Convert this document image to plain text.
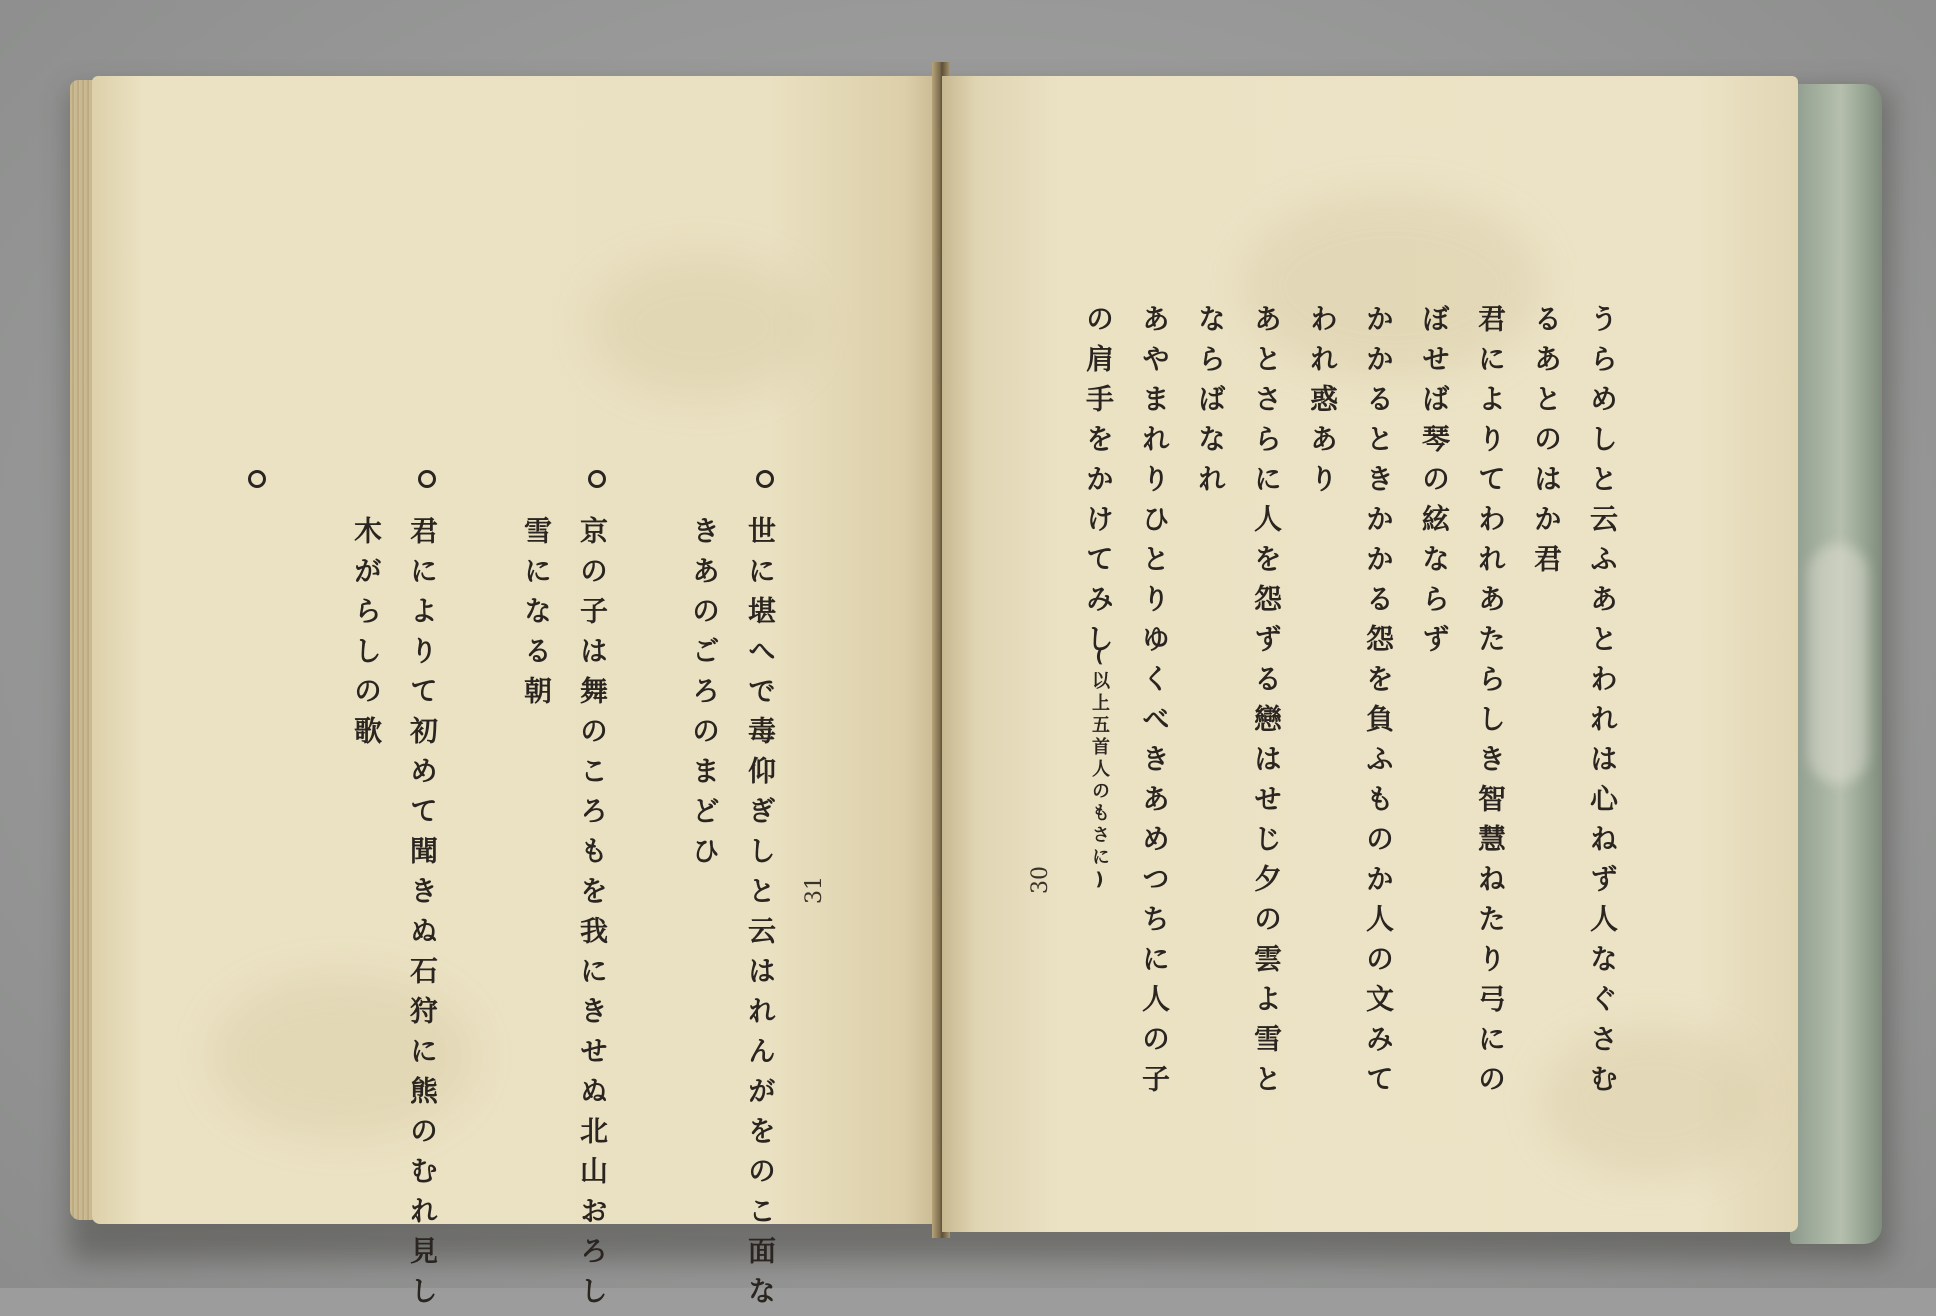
世に堪へで毒仰ぎしと云はれんがをのこ面な
きあのごろのまどひ
京の子は舞のころもを我にきせぬ北山おろし
雪になる朝
君によりて初めて聞きぬ石狩に熊のむれ見し
木がらしの歌
31	うらめしと云ふあとわれは心ねず人なぐさむ
るあとのはか君
君によりてわれあたらしき智慧ねたり弓にの
ぼせば琴の絃ならず
かかるときかかる怨を負ふものか人の文みて
われ惑あり
あとさらに人を怨ずる戀はせじ夕の雲よ雪と
ならばなれ
あやまれりひとりゆくべきあめつちに人の子
の肩手をかけてみし
(以上五首人のもさに)
30
